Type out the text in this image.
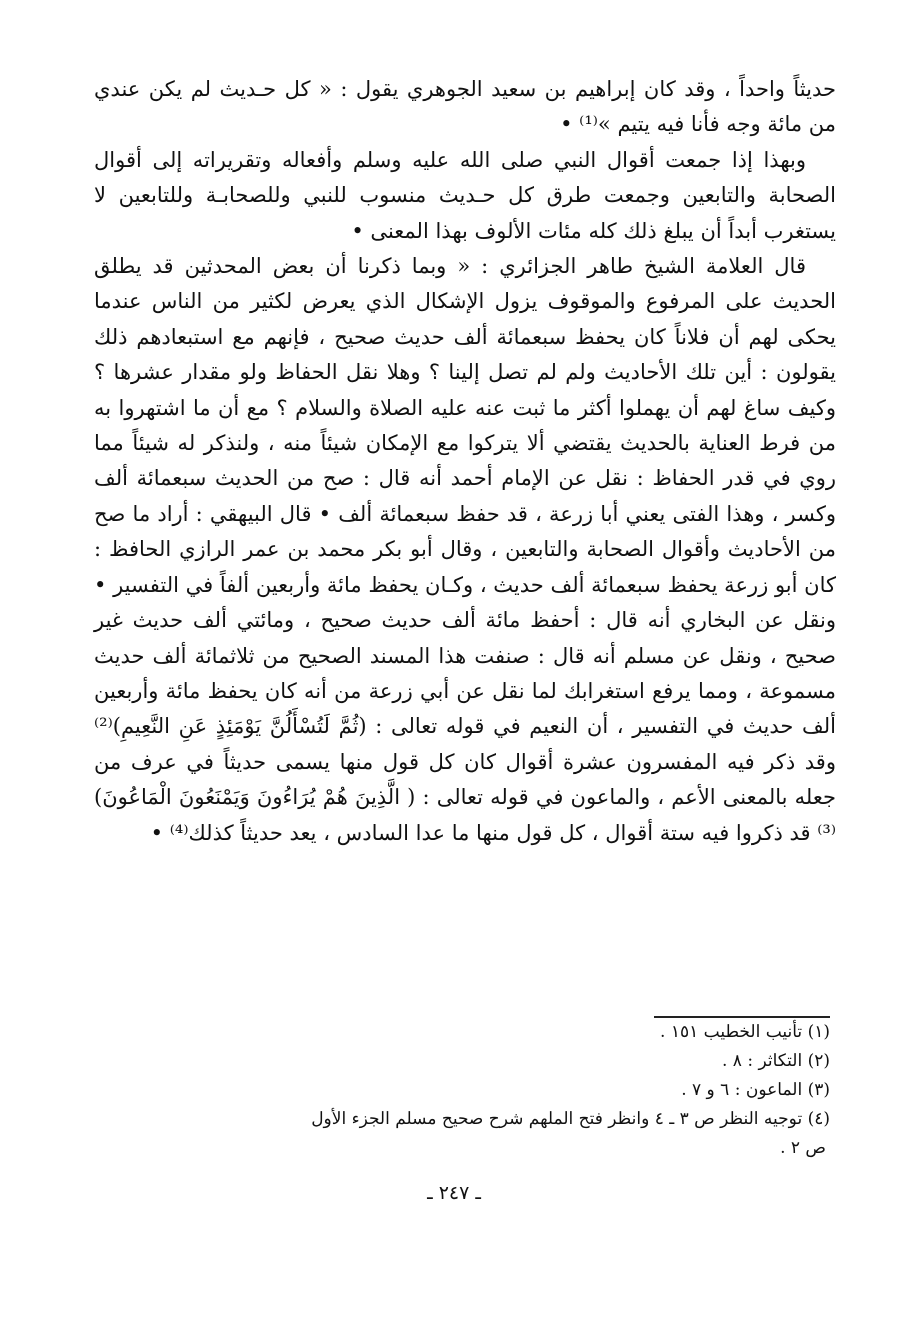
حديثاً واحداً ، وقد كان إبراهيم بن سعيد الجوهري يقول : « كل حـديث لم يكن عندي من مائة وجه فأنا فيه يتيم »⁽¹⁾ •

وبهذا إذا جمعت أقوال النبي صلى الله عليه وسلم وأفعاله وتقريراته إلى أقوال الصحابة والتابعين وجمعت طرق كل حـديث منسوب للنبي وللصحابـة وللتابعين لا يستغرب أبداً أن يبلغ ذلك كله مئات الألوف بهذا المعنى •

قال العلامة الشيخ طاهر الجزائري : « وبما ذكرنا أن بعض المحدثين قد يطلق الحديث على المرفوع والموقوف يزول الإشكال الذي يعرض لكثير من الناس عندما يحكى لهم أن فلاناً كان يحفظ سبعمائة ألف حديث صحيح ، فإنهم مع استبعادهم ذلك يقولون : أين تلك الأحاديث ولم لم تصل إلينا ؟ وهلا نقل الحفاظ ولو مقدار عشرها ؟ وكيف ساغ لهم أن يهملوا أكثر ما ثبت عنه عليه الصلاة والسلام ؟ مع أن ما اشتهروا به من فرط العناية بالحديث يقتضي ألا يتركوا مع الإمكان شيئاً منه ، ولنذكر له شيئاً مما روي في قدر الحفاظ : نقل عن الإمام أحمد أنه قال : صح من الحديث سبعمائة ألف وكسر ، وهذا الفتى يعني أبا زرعة ، قد حفظ سبعمائة ألف • قال البيهقي : أراد ما صح من الأحاديث وأقوال الصحابة والتابعين ، وقال أبو بكر محمد بن عمر الرازي الحافظ : كان أبو زرعة يحفظ سبعمائة ألف حديث ، وكـان يحفظ مائة وأربعين ألفاً في التفسير • ونقل عن البخاري أنه قال : أحفظ مائة ألف حديث صحيح ، ومائتي ألف حديث غير صحيح ، ونقل عن مسلم أنه قال : صنفت هذا المسند الصحيح من ثلاثمائة ألف حديث مسموعة ، ومما يرفع استغرابك لما نقل عن أبي زرعة من أنه كان يحفظ مائة وأربعين ألف حديث في التفسير ، أن النعيم في قوله تعالى : (ثُمَّ لَتُسْأَلُنَّ يَوْمَئِذٍ عَنِ النَّعِيمِ)⁽²⁾ وقد ذكر فيه المفسرون عشرة أقوال كان كل قول منها يسمى حديثاً في عرف من جعله بالمعنى الأعم ، والماعون في قوله تعالى : ( الَّذِينَ هُمْ يُرَاءُونَ وَيَمْنَعُونَ الْمَاعُونَ)⁽³⁾ قد ذكروا فيه ستة أقوال ، كل قول منها ما عدا السادس ، يعد حديثاً كذلك⁽⁴⁾ •

(١) تأنيب الخطيب ١٥١ .

(٢) التكاثر : ٨ .

(٣) الماعون : ٦ و ٧ .

(٤) توجيه النظر ص ٣ ـ ٤ وانظر فتح الملهم شرح صحيح مسلم الجزء الأول

ص ٢ .

ـ ٢٤٧ ـ
